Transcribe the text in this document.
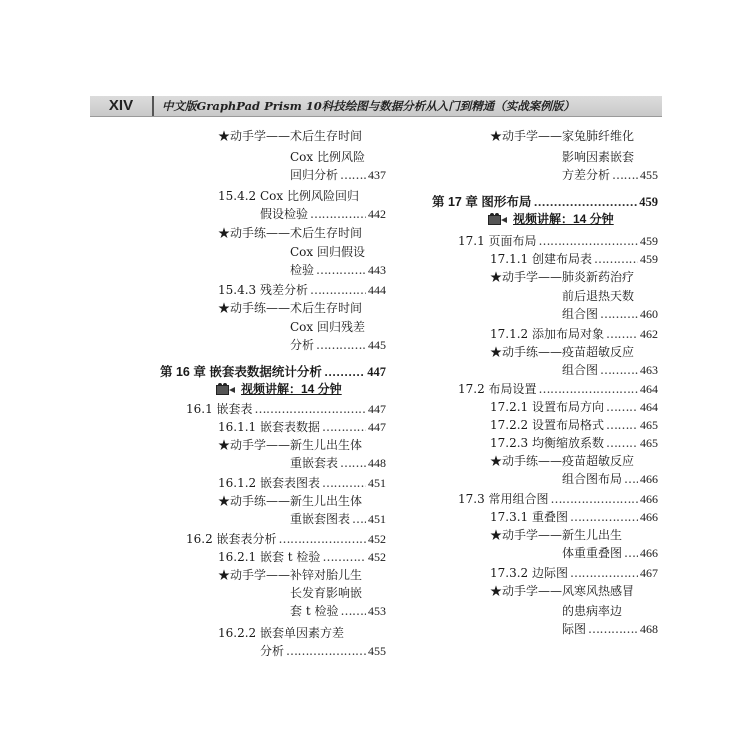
XIV	中文版GraphPad Prism 10科技绘图与数据分析从入门到精通（实战案例版）
★动手学——术后生存时间
Cox 比例风险
回归分析 …………………………………………………………………………………………………… 437
15.4.2 Cox 比例风险回归
假设检验 ……………………………………………………………………………………………………	442
★动手练——术后生存时间
Cox 回归假设
检验 ……………………………………………………………………………………………………	443
15.4.3 残差分析 ……………………………………………………………………………………………………	444
★动手练——术后生存时间
Cox 回归残差
分析 ……………………………………………………………………………………………………	445
第 16 章 嵌套表数据统计分析 ……………………………………………………………………………………………………	447
视频讲解：14 分钟
16.1 嵌套表 ……………………………………………………………………………………………………	447
16.1.1 嵌套表数据 ……………………………………………………………………………………………………	447
★动手学——新生儿出生体
重嵌套表 …………………………………………………………………………………………………… 448
16.1.2 嵌套表图表 ……………………………………………………………………………………………………	451
★动手练——新生儿出生体
重嵌套图表 …………………………………………………………………………………………………… 451
16.2 嵌套表分析 ……………………………………………………………………………………………………	452
16.2.1 嵌套 t 检验 ……………………………………………………………………………………………………	452
★动手学——补锌对胎儿生
长发育影响嵌
套 t 检验 …………………………………………………………………………………………………… 453
16.2.2 嵌套单因素方差
分析 ……………………………………………………………………………………………………	455
★动手学——家兔肺纤维化
影响因素嵌套
方差分析 …………………………………………………………………………………………………… 455
第 17 章 图形布局 ……………………………………………………………………………………………………	459
视频讲解：14 分钟
17.1 页面布局 ……………………………………………………………………………………………………	459
17.1.1 创建布局表 ……………………………………………………………………………………………………	459
★动手学——肺炎新药治疗
前后退热天数
组合图 ……………………………………………………………………………………………………	460
17.1.2 添加布局对象 ……………………………………………………………………………………………………	462
★动手练——疫苗超敏反应
组合图 ……………………………………………………………………………………………………	463
17.2 布局设置 ……………………………………………………………………………………………………	464
17.2.1 设置布局方向 ……………………………………………………………………………………………………	464
17.2.2 设置布局格式 ……………………………………………………………………………………………………	465
17.2.3 均衡缩放系数 ……………………………………………………………………………………………………	465
★动手练——疫苗超敏反应
组合图布局 …………………………………………………………………………………………………… 466
17.3 常用组合图 ……………………………………………………………………………………………………	466
17.3.1 重叠图 ……………………………………………………………………………………………………	466
★动手学——新生儿出生
体重重叠图 …………………………………………………………………………………………………… 466
17.3.2 边际图 ……………………………………………………………………………………………………	467
★动手学——风寒风热感冒
的患病率边
际图 ……………………………………………………………………………………………………	468
